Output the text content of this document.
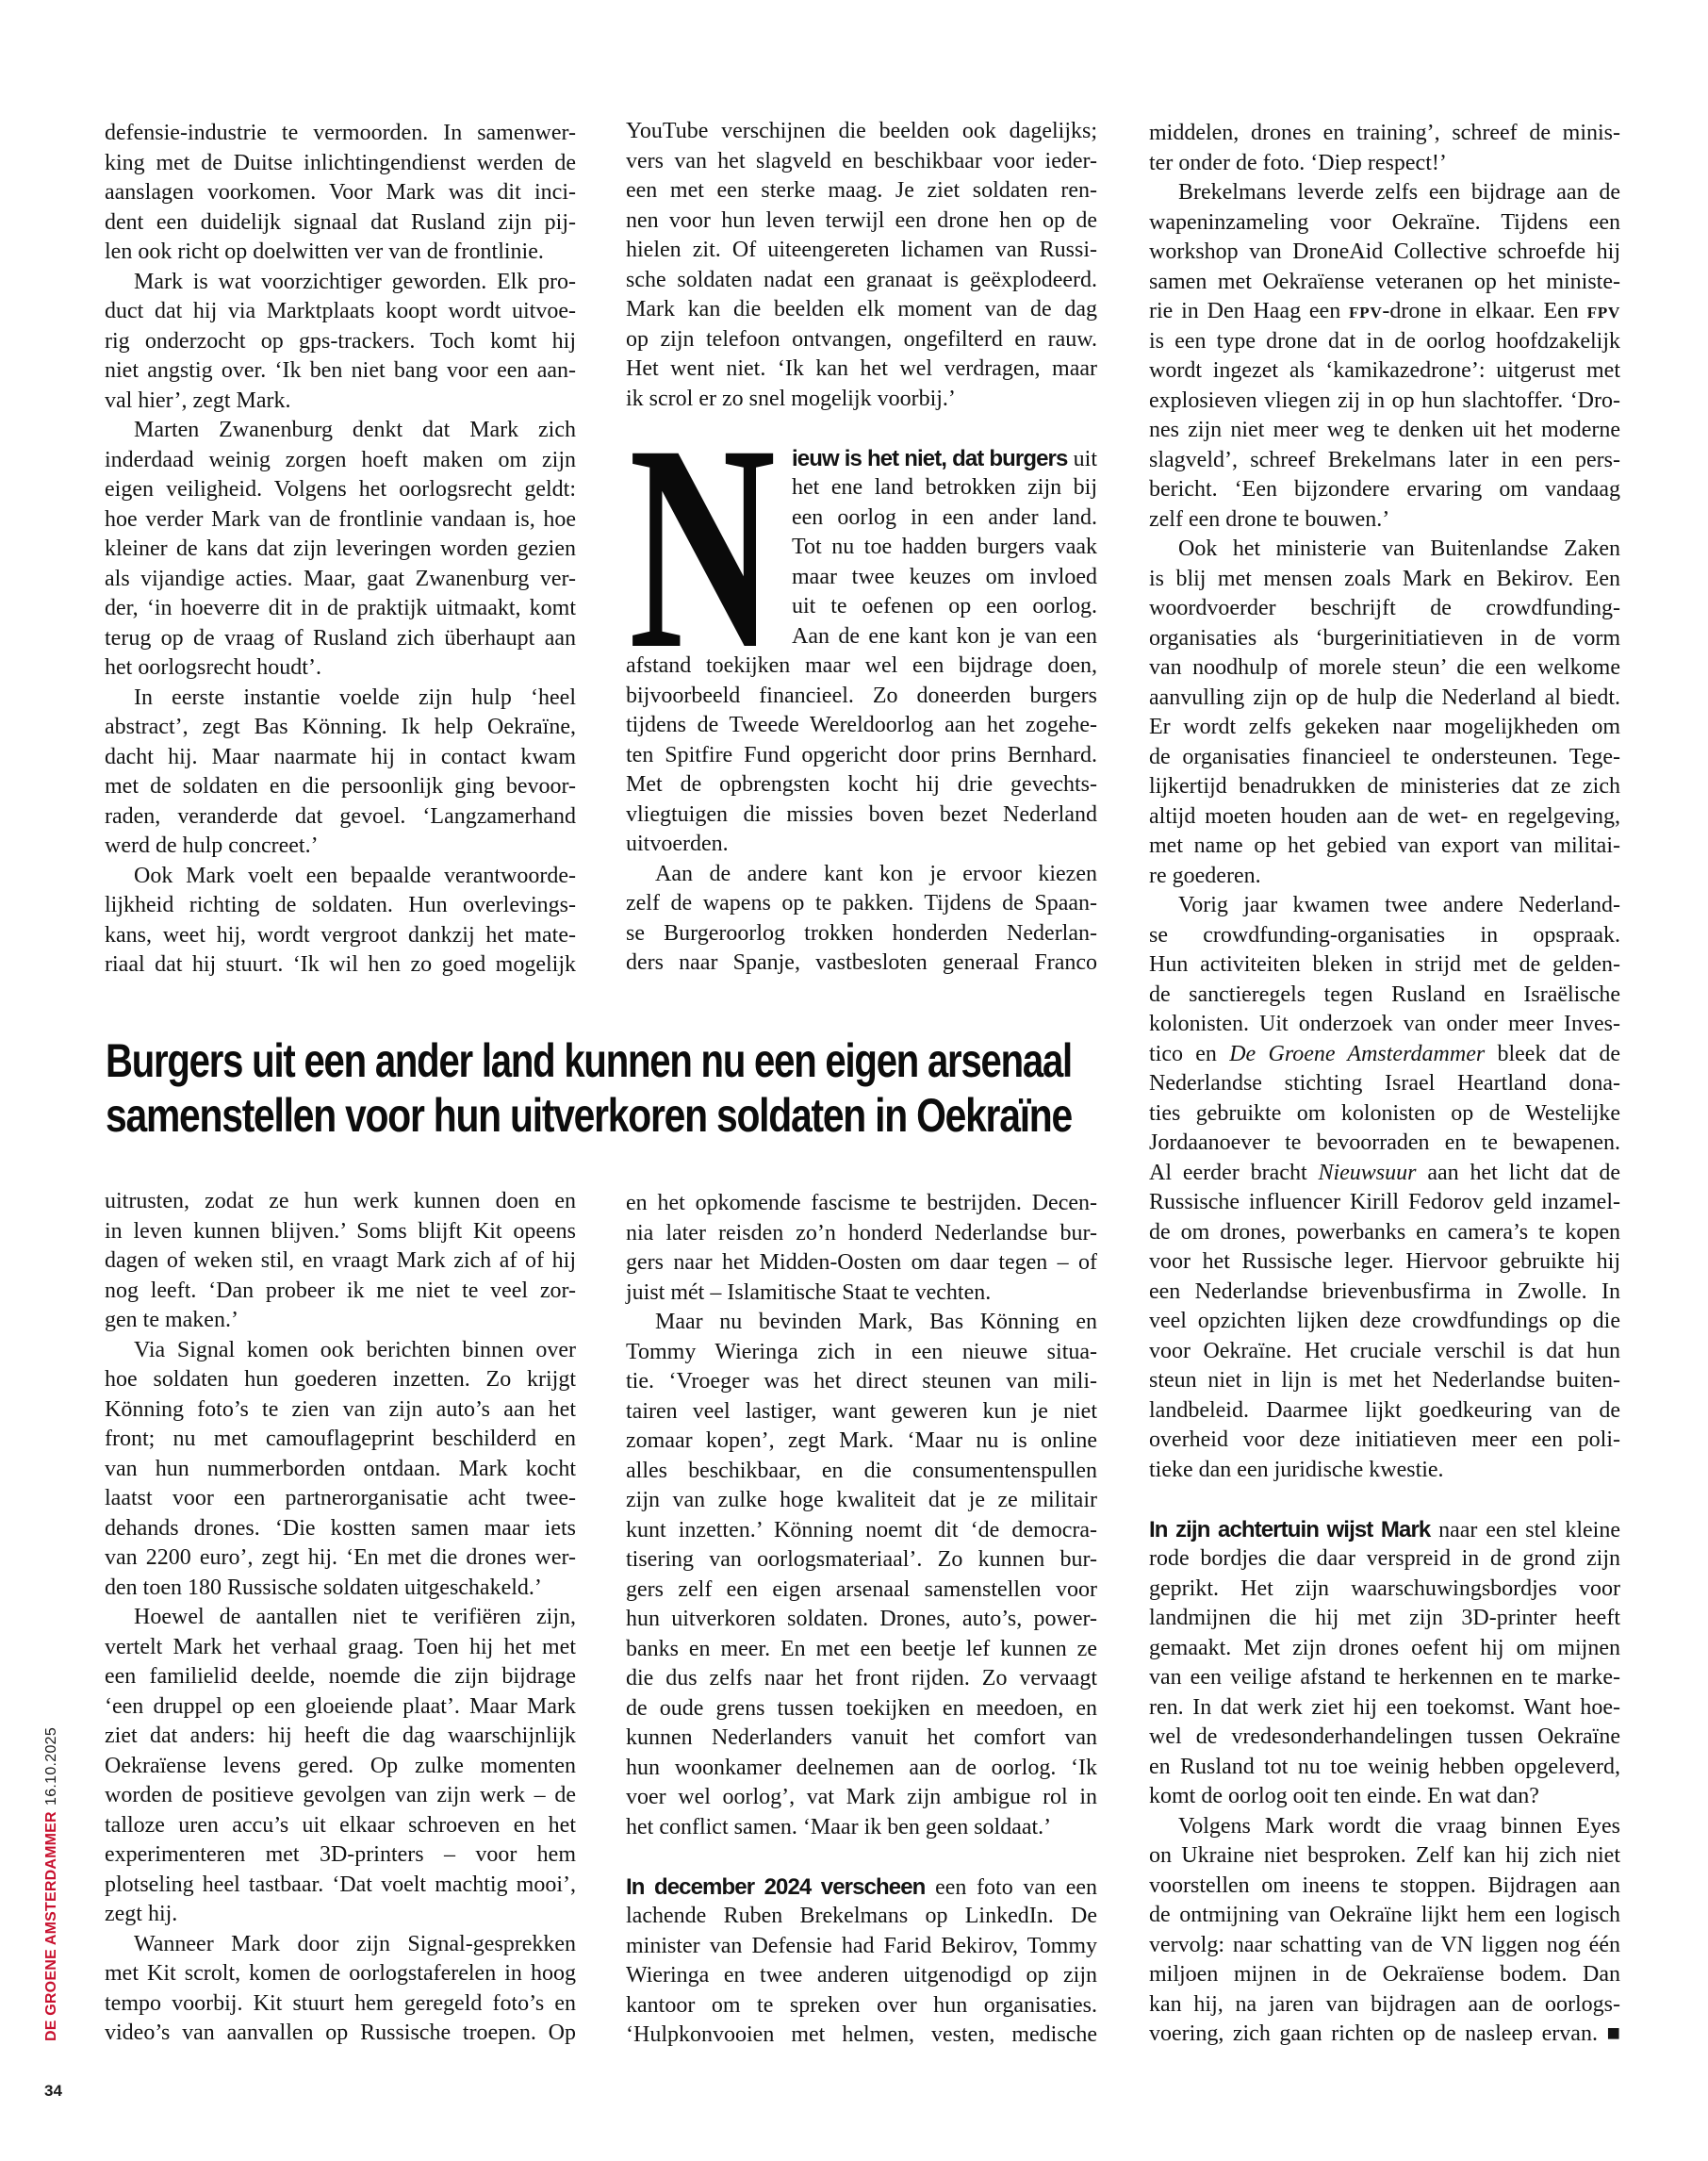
DE GROENE AMSTERDAMMER
16.10.2025
34
defensie-industrie te vermoorden. In samenwer-
king met de Duitse inlichtingendienst werden de
aanslagen voorkomen. Voor Mark was dit inci-
dent een duidelijk signaal dat Rusland zijn pij-
len ook richt op doelwitten ver van de frontlinie.
Mark is wat voorzichtiger geworden. Elk pro-
duct dat hij via Marktplaats koopt wordt uitvoe-
rig onderzocht op gps-trackers. Toch komt hij
niet angstig over. ‘Ik ben niet bang voor een aan-
val hier’, zegt Mark.
Marten Zwanenburg denkt dat Mark zich
inderdaad weinig zorgen hoeft maken om zijn
eigen veiligheid. Volgens het oorlogsrecht geldt:
hoe verder Mark van de frontlinie vandaan is, hoe
kleiner de kans dat zijn leveringen worden gezien
als vijandige acties. Maar, gaat Zwanenburg ver-
der, ‘in hoeverre dit in de praktijk uitmaakt, komt
terug op de vraag of Rusland zich überhaupt aan
het oorlogsrecht houdt’.
In eerste instantie voelde zijn hulp ‘heel
abstract’, zegt Bas Könning. Ik help Oekraïne,
dacht hij. Maar naarmate hij in contact kwam
met de soldaten en die persoonlijk ging bevoor-
raden, veranderde dat gevoel. ‘Langzamerhand
werd de hulp concreet.’
Ook Mark voelt een bepaalde verantwoorde-
lijkheid richting de soldaten. Hun overlevings-
kans, weet hij, wordt vergroot dankzij het mate-
riaal dat hij stuurt. ‘Ik wil hen zo goed mogelijk
YouTube verschijnen die beelden ook dagelijks;
vers van het slagveld en beschikbaar voor ieder-
een met een sterke maag. Je ziet soldaten ren-
nen voor hun leven terwijl een drone hen op de
hielen zit. Of uiteengereten lichamen van Russi-
sche soldaten nadat een granaat is geëxplodeerd.
Mark kan die beelden elk moment van de dag
op zijn telefoon ontvangen, ongefilterd en rauw.
Het went niet. ‘Ik kan het wel verdragen, maar
ik scrol er zo snel mogelijk voorbij.’
ieuw is het niet, dat burgers uit
het ene land betrokken zijn bij
een oorlog in een ander land.
Tot nu toe hadden burgers vaak
maar twee keuzes om invloed
uit te oefenen op een oorlog.
Aan de ene kant kon je van een
afstand toekijken maar wel een bijdrage doen,
bijvoorbeeld financieel. Zo doneerden burgers
tijdens de Tweede Wereldoorlog aan het zogehe-
ten Spitfire Fund opgericht door prins Bernhard.
Met de opbrengsten kocht hij drie gevechts-
vliegtuigen die missies boven bezet Nederland
uitvoerden.
Aan de andere kant kon je ervoor kiezen
zelf de wapens op te pakken. Tijdens de Spaan-
se Burgeroorlog trokken honderden Nederlan-
ders naar Spanje, vastbesloten generaal Franco
middelen, drones en training’, schreef de minis-
ter onder de foto. ‘Diep respect!’
Brekelmans leverde zelfs een bijdrage aan de
wapeninzameling voor Oekraïne. Tijdens een
workshop van DroneAid Collective schroefde hij
samen met Oekraïense veteranen op het ministe-
rie in Den Haag een FPV-drone in elkaar. Een FPV
is een type drone dat in de oorlog hoofdzakelijk
wordt ingezet als ‘kamikazedrone’: uitgerust met
explosieven vliegen zij in op hun slachtoffer. ‘Dro-
nes zijn niet meer weg te denken uit het moderne
slagveld’, schreef Brekelmans later in een pers-
bericht. ‘Een bijzondere ervaring om vandaag
zelf een drone te bouwen.’
Ook het ministerie van Buitenlandse Zaken
is blij met mensen zoals Mark en Bekirov. Een
woordvoerder beschrijft de crowdfunding-
organisaties als ‘burgerinitiatieven in de vorm
van noodhulp of morele steun’ die een welkome
aanvulling zijn op de hulp die Nederland al biedt.
Er wordt zelfs gekeken naar mogelijkheden om
de organisaties financieel te ondersteunen. Tege-
lijkertijd benadrukken de ministeries dat ze zich
altijd moeten houden aan de wet- en regelgeving,
met name op het gebied van export van militai-
re goederen.
Vorig jaar kwamen twee andere Nederland-
se crowdfunding-organisaties in opspraak.
Hun activiteiten bleken in strijd met de gelden-
de sanctieregels tegen Rusland en Israëlische
kolonisten. Uit onderzoek van onder meer Inves-
tico en De Groene Amsterdammer bleek dat de
Nederlandse stichting Israel Heartland dona-
ties gebruikte om kolonisten op de Westelijke
Jordaanoever te bevoorraden en te bewapenen.
Al eerder bracht Nieuwsuur aan het licht dat de
Russische influencer Kirill Fedorov geld inzamel-
de om drones, powerbanks en camera’s te kopen
voor het Russische leger. Hiervoor gebruikte hij
een Nederlandse brievenbusfirma in Zwolle. In
veel opzichten lijken deze crowdfundings op die
voor Oekraïne. Het cruciale verschil is dat hun
steun niet in lijn is met het Nederlandse buiten-
landbeleid. Daarmee lijkt goedkeuring van de
overheid voor deze initiatieven meer een poli-
tieke dan een juridische kwestie.
In zijn achtertuin wijst Mark naar een stel kleine
rode bordjes die daar verspreid in de grond zijn
geprikt. Het zijn waarschuwingsbordjes voor
landmijnen die hij met zijn 3D-printer heeft
gemaakt. Met zijn drones oefent hij om mijnen
van een veilige afstand te herkennen en te marke-
ren. In dat werk ziet hij een toekomst. Want hoe-
wel de vredesonderhandelingen tussen Oekraïne
en Rusland tot nu toe weinig hebben opgeleverd,
komt de oorlog ooit ten einde. En wat dan?
Volgens Mark wordt die vraag binnen Eyes
on Ukraine niet besproken. Zelf kan hij zich niet
voorstellen om ineens te stoppen. Bijdragen aan
de ontmijning van Oekraïne lijkt hem een logisch
vervolg: naar schatting van de VN liggen nog één
miljoen mijnen in de Oekraïense bodem. Dan
kan hij, na jaren van bijdragen aan de oorlogs-
voering, zich gaan richten op de nasleep ervan. ■
uitrusten, zodat ze hun werk kunnen doen en
in leven kunnen blijven.’ Soms blijft Kit opeens
dagen of weken stil, en vraagt Mark zich af of hij
nog leeft. ‘Dan probeer ik me niet te veel zor-
gen te maken.’
Via Signal komen ook berichten binnen over
hoe soldaten hun goederen inzetten. Zo krijgt
Könning foto’s te zien van zijn auto’s aan het
front; nu met camouflageprint beschilderd en
van hun nummerborden ontdaan. Mark kocht
laatst voor een partnerorganisatie acht twee-
dehands drones. ‘Die kostten samen maar iets
van 2200 euro’, zegt hij. ‘En met die drones wer-
den toen 180 Russische soldaten uitgeschakeld.’
Hoewel de aantallen niet te verifiëren zijn,
vertelt Mark het verhaal graag. Toen hij het met
een familielid deelde, noemde die zijn bijdrage
‘een druppel op een gloeiende plaat’. Maar Mark
ziet dat anders: hij heeft die dag waarschijnlijk
Oekraïense levens gered. Op zulke momenten
worden de positieve gevolgen van zijn werk – de
talloze uren accu’s uit elkaar schroeven en het
experimenteren met 3D-printers – voor hem
plotseling heel tastbaar. ‘Dat voelt machtig mooi’,
zegt hij.
Wanneer Mark door zijn Signal-gesprekken
met Kit scrolt, komen de oorlogstaferelen in hoog
tempo voorbij. Kit stuurt hem geregeld foto’s en
video’s van aanvallen op Russische troepen. Op
en het opkomende fascisme te bestrijden. Decen-
nia later reisden zo’n honderd Nederlandse bur-
gers naar het Midden-Oosten om daar tegen – of
juist mét – Islamitische Staat te vechten.
Maar nu bevinden Mark, Bas Könning en
Tommy Wieringa zich in een nieuwe situa-
tie. ‘Vroeger was het direct steunen van mili-
tairen veel lastiger, want geweren kun je niet
zomaar kopen’, zegt Mark. ‘Maar nu is online
alles beschikbaar, en die consumentenspullen
zijn van zulke hoge kwaliteit dat je ze militair
kunt inzetten.’ Könning noemt dit ‘de democra-
tisering van oorlogsmateriaal’. Zo kunnen bur-
gers zelf een eigen arsenaal samenstellen voor
hun uitverkoren soldaten. Drones, auto’s, power-
banks en meer. En met een beetje lef kunnen ze
die dus zelfs naar het front rijden. Zo vervaagt
de oude grens tussen toekijken en meedoen, en
kunnen Nederlanders vanuit het comfort van
hun woonkamer deelnemen aan de oorlog. ‘Ik
voer wel oorlog’, vat Mark zijn ambigue rol in
het conflict samen. ‘Maar ik ben geen soldaat.’
In december 2024 verscheen een foto van een
lachende Ruben Brekelmans op LinkedIn. De
minister van Defensie had Farid Bekirov, Tommy
Wieringa en twee anderen uitgenodigd op zijn
kantoor om te spreken over hun organisaties.
‘Hulpkonvooien met helmen, vesten, medische
N
Burgers uit een ander land kunnen nu een eigen arsenaal
samenstellen voor hun uitverkoren soldaten in Oekraïne
